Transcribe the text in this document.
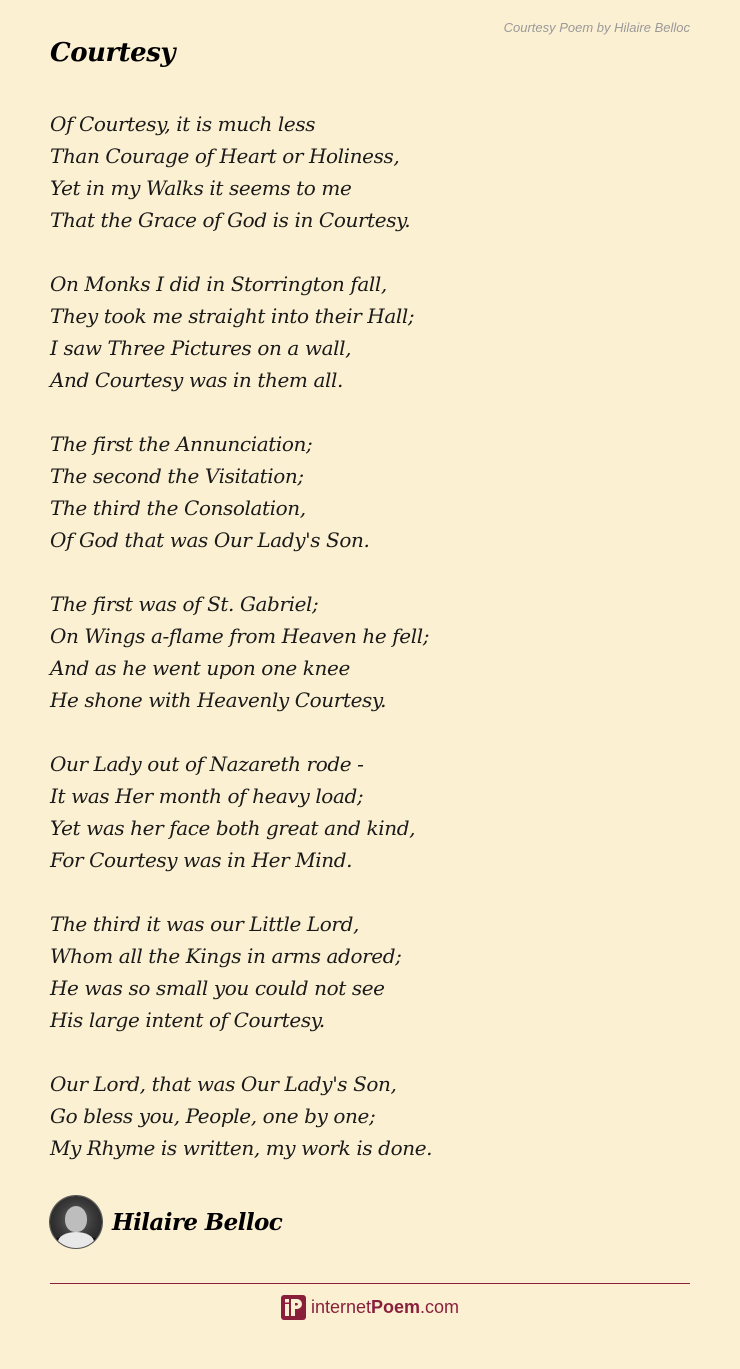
Courtesy Poem by Hilaire Belloc
Courtesy
Of Courtesy, it is much less
Than Courage of Heart or Holiness,
Yet in my Walks it seems to me
That the Grace of God is in Courtesy.
On Monks I did in Storrington fall,
They took me straight into their Hall;
I saw Three Pictures on a wall,
And Courtesy was in them all.
The first the Annunciation;
The second the Visitation;
The third the Consolation,
Of God that was Our Lady's Son.
The first was of St. Gabriel;
On Wings a-flame from Heaven he fell;
And as he went upon one knee
He shone with Heavenly Courtesy.
Our Lady out of Nazareth rode -
It was Her month of heavy load;
Yet was her face both great and kind,
For Courtesy was in Her Mind.
The third it was our Little Lord,
Whom all the Kings in arms adored;
He was so small you could not see
His large intent of Courtesy.
Our Lord, that was Our Lady's Son,
Go bless you, People, one by one;
My Rhyme is written, my work is done.
Hilaire Belloc
internetPoem.com
